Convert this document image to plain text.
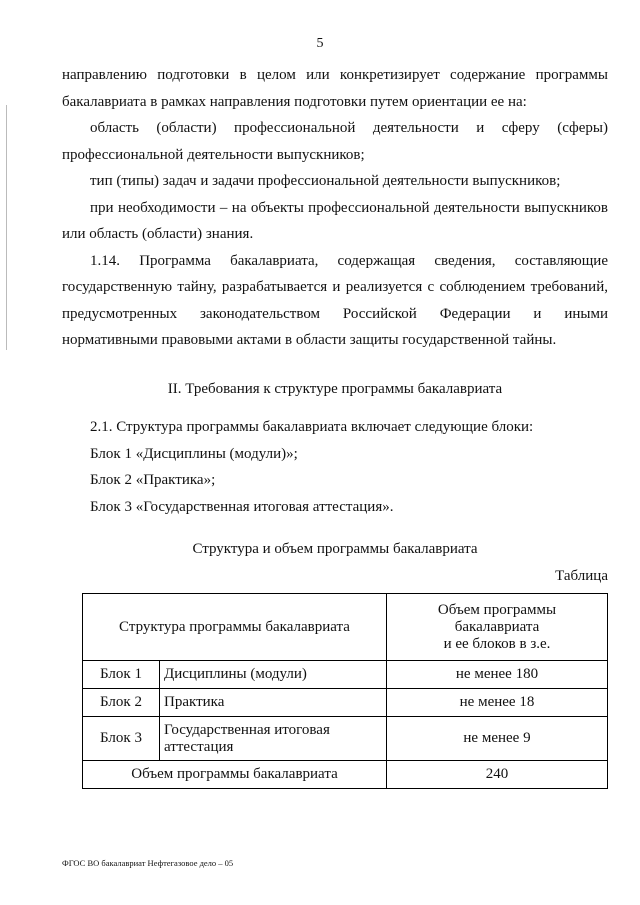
5

направлению подготовки в целом или конкретизирует содержание программы

бакалавриата в рамках направления подготовки путем ориентации ее на:

область (области) профессиональной деятельности и сферу (сферы)

профессиональной деятельности выпускников;

тип (типы) задач и задачи профессиональной деятельности выпускников;

при необходимости – на объекты профессиональной деятельности выпускников

или область (области) знания.

1.14. Программа бакалавриата, содержащая сведения, составляющие

государственную тайну, разрабатывается и реализуется с соблюдением требований,

предусмотренных законодательством Российской Федерации и иными

нормативными правовыми актами в области защиты государственной тайны.

II. Требования к структуре программы бакалавриата

2.1. Структура программы бакалавриата включает следующие блоки:

Блок 1 «Дисциплины (модули)»;

Блок 2 «Практика»;

Блок 3 «Государственная итоговая аттестация».

Структура и объем программы бакалавриата

Таблица

Структура программы бакалавриата		Объем программы
бакалавриата
и ее блоков в з.е.

Блок 1	Дисциплины (модули)	не менее 180
Блок 2	Практика	не менее 18
Блок 3	Государственная итоговая аттестация	не менее 9
Объем программы бакалавриата		240
ФГОС ВО бакалавриат Нефтегазовое дело – 05
